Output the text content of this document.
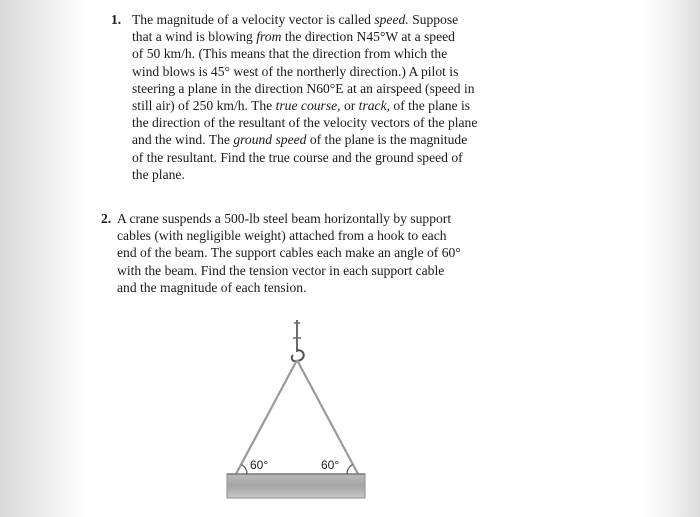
1. The magnitude of a velocity vector is called speed. Suppose
that a wind is blowing from the direction N45°W at a speed
of 50 km/h. (This means that the direction from which the
wind blows is 45° west of the northerly direction.) A pilot is
steering a plane in the direction N60°E at an airspeed (speed in
still air) of 250 km/h. The true course, or track, of the plane is
the direction of the resultant of the velocity vectors of the plane
and the wind. The ground speed of the plane is the magnitude
of the resultant. Find the true course and the ground speed of
the plane.
2. A crane suspends a 500-lb steel beam horizontally by support
cables (with negligible weight) attached from a hook to each
end of the beam. The support cables each make an angle of 60°
with the beam. Find the tension vector in each support cable
and the magnitude of each tension.
60°	60°
